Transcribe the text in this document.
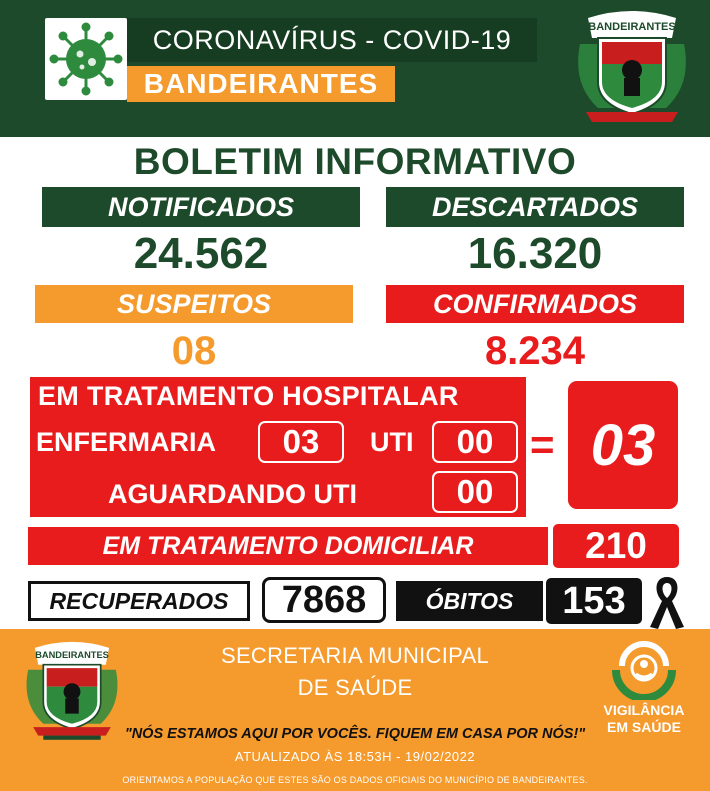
CORONAVÍRUS - COVID-19
BANDEIRANTES
BANDEIRANTES
BOLETIM INFORMATIVO
NOTIFICADOS	DESCARTADOS
24.562	16.320
SUSPEITOS	CONFIRMADOS
08	8.234
EM TRATAMENTO HOSPITALAR
ENFERMARIA	03	UTI	00
AGUARDANDO UTI	00
= 03
EM TRATAMENTO DOMICILIAR	210
RECUPERADOS	7868	ÓBITOS	153
BANDEIRANTES	SECRETARIA MUNICIPAL
DE SAÚDE
"NÓS ESTAMOS AQUI POR VOCÊS. FIQUEM EM CASA POR NÓS!"
ATUALIZADO ÀS 18:53H - 19/02/2022
ORIENTAMOS A POPULAÇÃO QUE ESTES SÃO OS DADOS OFICIAIS DO MUNICÍPIO DE BANDEIRANTES.
VIGILÂNCIA
EM SAÚDE
